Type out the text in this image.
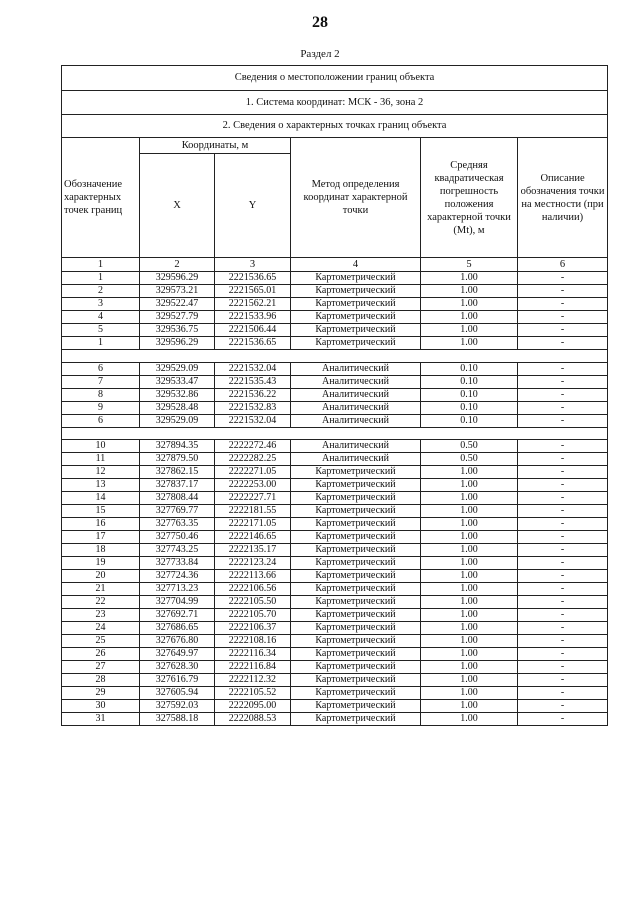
28
Раздел 2
Сведения о местоположении границ объекта					
1. Система координат: МСК - 36, зона 2					
2. Сведения о характерных точках границ объекта					
Обозначение характерных точек границ	Координаты, м		Метод определения координат характерной точки	Средняя квадратическая погрешность положения характерной точки (Mt), м	Описание обозначения точки на местности (при наличии)
	X	Y			
1	2	3	4	5	6
1	329596.29	2221536.65	Картометрический	1.00	-
2	329573.21	2221565.01	Картометрический	1.00	-
3	329522.47	2221562.21	Картометрический	1.00	-
4	329527.79	2221533.96	Картометрический	1.00	-
5	329536.75	2221506.44	Картометрический	1.00	-
1	329596.29	2221536.65	Картометрический	1.00	-

6	329529.09	2221532.04	Аналитический	0.10	-
7	329533.47	2221535.43	Аналитический	0.10	-
8	329532.86	2221536.22	Аналитический	0.10	-
9	329528.48	2221532.83	Аналитический	0.10	-
6	329529.09	2221532.04	Аналитический	0.10	-

10	327894.35	2222272.46	Аналитический	0.50	-
11	327879.50	2222282.25	Аналитический	0.50	-
12	327862.15	2222271.05	Картометрический	1.00	-
13	327837.17	2222253.00	Картометрический	1.00	-
14	327808.44	2222227.71	Картометрический	1.00	-
15	327769.77	2222181.55	Картометрический	1.00	-
16	327763.35	2222171.05	Картометрический	1.00	-
17	327750.46	2222146.65	Картометрический	1.00	-
18	327743.25	2222135.17	Картометрический	1.00	-
19	327733.84	2222123.24	Картометрический	1.00	-
20	327724.36	2222113.66	Картометрический	1.00	-
21	327713.23	2222106.56	Картометрический	1.00	-
22	327704.99	2222105.50	Картометрический	1.00	-
23	327692.71	2222105.70	Картометрический	1.00	-
24	327686.65	2222106.37	Картометрический	1.00	-
25	327676.80	2222108.16	Картометрический	1.00	-
26	327649.97	2222116.34	Картометрический	1.00	-
27	327628.30	2222116.84	Картометрический	1.00	-
28	327616.79	2222112.32	Картометрический	1.00	-
29	327605.94	2222105.52	Картометрический	1.00	-
30	327592.03	2222095.00	Картометрический	1.00	-
31	327588.18	2222088.53	Картометрический	1.00	-
